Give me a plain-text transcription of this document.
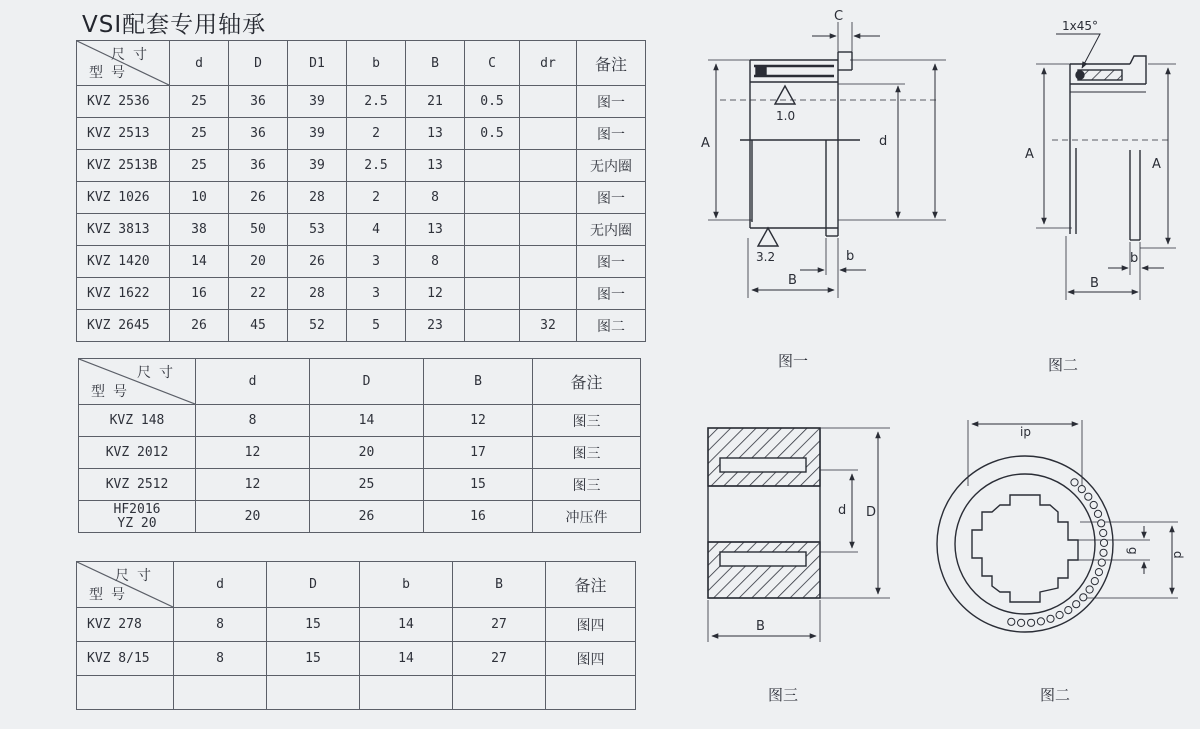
VSI配套专用轴承
尺寸
型号	d	D	D1	b	B	C	dr	备注
KVZ 2536	25	36	39	2.5	21	0.5		图一
KVZ 2513	25	36	39	2	13	0.5		图一
KVZ 2513B	25	36	39	2.5	13			无内圈
KVZ 1026	10	26	28	2	8			图一
KVZ 3813	38	50	53	4	13			无内圈
KVZ 1420	14	20	26	3	8			图一
KVZ 1622	16	22	28	3	12			图一
KVZ 2645	26	45	52	5	23		32	图二
尺寸
型号	d	D	B	备注
KVZ 148	8	14	12	图三
KVZ 2012	12	20	17	图三
KVZ 2512	12	25	15	图三

HF2016
YZ 20	20	26	16	冲压件
尺寸
型号	d	D	b	B	备注
KVZ 278	8	15	14	27	图四
KVZ 8/15	8	15	14	27	图四

C
A	d
B
b
1.0
3.2
图一
1x45°
A
A
B
b
图二
d D
B
图三
ip
g
d
图二
